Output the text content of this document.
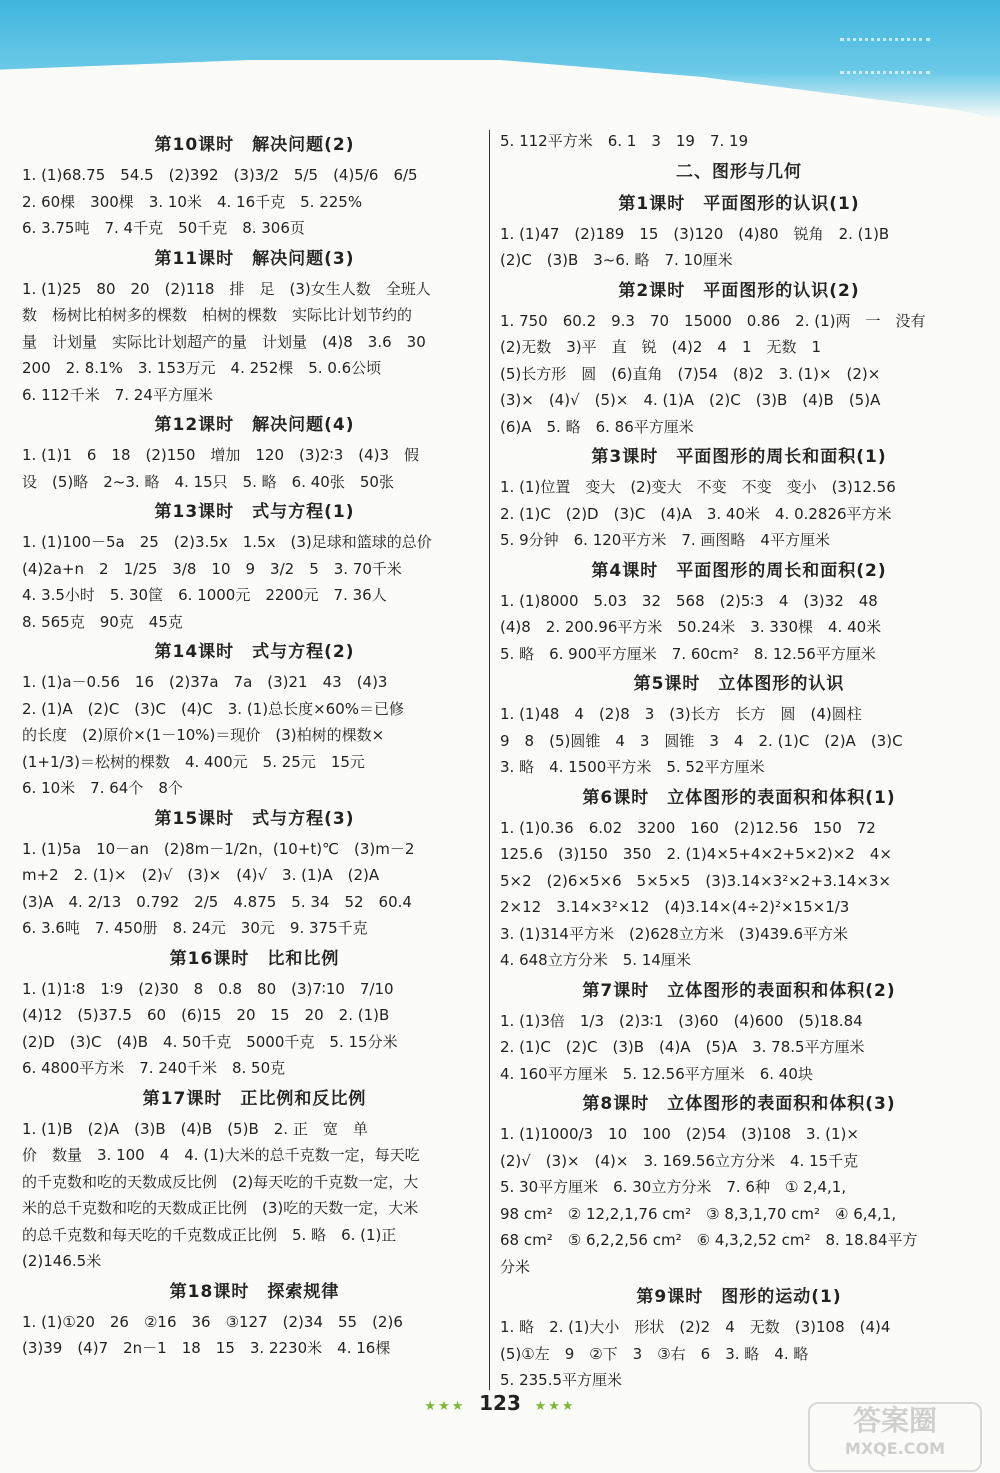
第10课时　解决问题(2)
1. (1)68.75　54.5　(2)392　(3)3/2　5/5　(4)5/6　6/5
2. 60棵　300棵　3. 10米　4. 16千克　5. 225%
6. 3.75吨　7. 4千克　50千克　8. 306页
第11课时　解决问题(3)
1. (1)25　80　20　(2)118　排　足　(3)女生人数　全班人
数　杨树比柏树多的棵数　柏树的棵数　实际比计划节约的
量　计划量　实际比计划超产的量　计划量　(4)8　3.6　30
200　2. 8.1%　3. 153万元　4. 252棵　5. 0.6公顷
6. 112千米　7. 24平方厘米
第12课时　解决问题(4)
1. (1)1　6　18　(2)150　增加　120　(3)2∶3　(4)3　假
设　(5)略　2~3. 略　4. 15只　5. 略　6. 40张　50张
第13课时　式与方程(1)
1. (1)100－5a　25　(2)3.5x　1.5x　(3)足球和篮球的总价
(4)2a+n　2　1/25　3/8　10　9　3/2　5　3. 70千米
4. 3.5小时　5. 30筐　6. 1000元　2200元　7. 36人
8. 565克　90克　45克
第14课时　式与方程(2)
1. (1)a－0.56　16　(2)37a　7a　(3)21　43　(4)3
2. (1)A　(2)C　(3)C　(4)C　3. (1)总长度×60%＝已修
的长度　(2)原价×(1－10%)＝现价　(3)柏树的棵数×
(1+1/3)＝松树的棵数　4. 400元　5. 25元　15元
6. 10米　7. 64个　8个
第15课时　式与方程(3)
1. (1)5a　10－an　(2)8m－1/2n，(10+t)℃　(3)m－2
m+2　2. (1)×　(2)√　(3)×　(4)√　3. (1)A　(2)A
(3)A　4. 2/13　0.792　2/5　4.875　5. 34　52　60.4
6. 3.6吨　7. 450册　8. 24元　30元　9. 375千克
第16课时　比和比例
1. (1)1∶8　1∶9　(2)30　8　0.8　80　(3)7∶10　7/10
(4)12　(5)37.5　60　(6)15　20　15　20　2. (1)B
(2)D　(3)C　(4)B　4. 50千克　5000千克　5. 15分米
6. 4800平方米　7. 240千米　8. 50克
第17课时　正比例和反比例
1. (1)B　(2)A　(3)B　(4)B　(5)B　2. 正　宽　单
价　数量　3. 100　4　4. (1)大米的总千克数一定，每天吃
的千克数和吃的天数成反比例　(2)每天吃的千克数一定，大
米的总千克数和吃的天数成正比例　(3)吃的天数一定，大米
的总千克数和每天吃的千克数成正比例　5. 略　6. (1)正
(2)146.5米
第18课时　探索规律
1. (1)①20　26　②16　36　③127　(2)34　55　(2)6
(3)39　(4)7　2n－1　18　15　3. 2230米　4. 16棵
5. 112平方米　6. 1　3　19　7. 19
二、图形与几何
第1课时　平面图形的认识(1)
1. (1)47　(2)189　15　(3)120　(4)80　锐角　2. (1)B
(2)C　(3)B　3~6. 略　7. 10厘米
第2课时　平面图形的认识(2)
1. 750　60.2　9.3　70　15000　0.86　2. (1)两　一　没有
(2)无数　3)平　直　锐　(4)2　4　1　无数　1
(5)长方形　圆　(6)直角　(7)54　(8)2　3. (1)×　(2)×
(3)×　(4)√　(5)×　4. (1)A　(2)C　(3)B　(4)B　(5)A
(6)A　5. 略　6. 86平方厘米
第3课时　平面图形的周长和面积(1)
1. (1)位置　变大　(2)变大　不变　不变　变小　(3)12.56
2. (1)C　(2)D　(3)C　(4)A　3. 40米　4. 0.2826平方米
5. 9分钟　6. 120平方米　7. 画图略　4平方厘米
第4课时　平面图形的周长和面积(2)
1. (1)8000　5.03　32　568　(2)5∶3　4　(3)32　48
(4)8　2. 200.96平方米　50.24米　3. 330棵　4. 40米
5. 略　6. 900平方厘米　7. 60cm²　8. 12.56平方厘米
第5课时　立体图形的认识
1. (1)48　4　(2)8　3　(3)长方　长方　圆　(4)圆柱
9　8　(5)圆锥　4　3　圆锥　3　4　2. (1)C　(2)A　(3)C
3. 略　4. 1500平方米　5. 52平方厘米
第6课时　立体图形的表面积和体积(1)
1. (1)0.36　6.02　3200　160　(2)12.56　150　72
125.6　(3)150　350　2. (1)4×5+4×2+5×2)×2　4×
5×2　(2)6×5×6　5×5×5　(3)3.14×3²×2+3.14×3×
2×12　3.14×3²×12　(4)3.14×(4÷2)²×15×1/3
3. (1)314平方米　(2)628立方米　(3)439.6平方米
4. 648立方分米　5. 14厘米
第7课时　立体图形的表面积和体积(2)
1. (1)3倍　1/3　(2)3∶1　(3)60　(4)600　(5)18.84
2. (1)C　(2)C　(3)B　(4)A　(5)A　3. 78.5平方厘米
4. 160平方厘米　5. 12.56平方厘米　6. 40块
第8课时　立体图形的表面积和体积(3)
1. (1)1000/3　10　100　(2)54　(3)108　3. (1)×
(2)√　(3)×　(4)×　3. 169.56立方分米　4. 15千克
5. 30平方厘米　6. 30立方分米　7. 6种　① 2,4,1,
98 cm²　② 12,2,1,76 cm²　③ 8,3,1,70 cm²　④ 6,4,1,
68 cm²　⑤ 6,2,2,56 cm²　⑥ 4,3,2,52 cm²　8. 18.84平方
分米
第9课时　图形的运动(1)
1. 略　2. (1)大小　形状　(2)2　4　无数　(3)108　(4)4
(5)①左　9　②下　3　③右　6　3. 略　4. 略
5. 235.5平方厘米
★★★ 123 ★★★	答案圈
MXQE.COM
